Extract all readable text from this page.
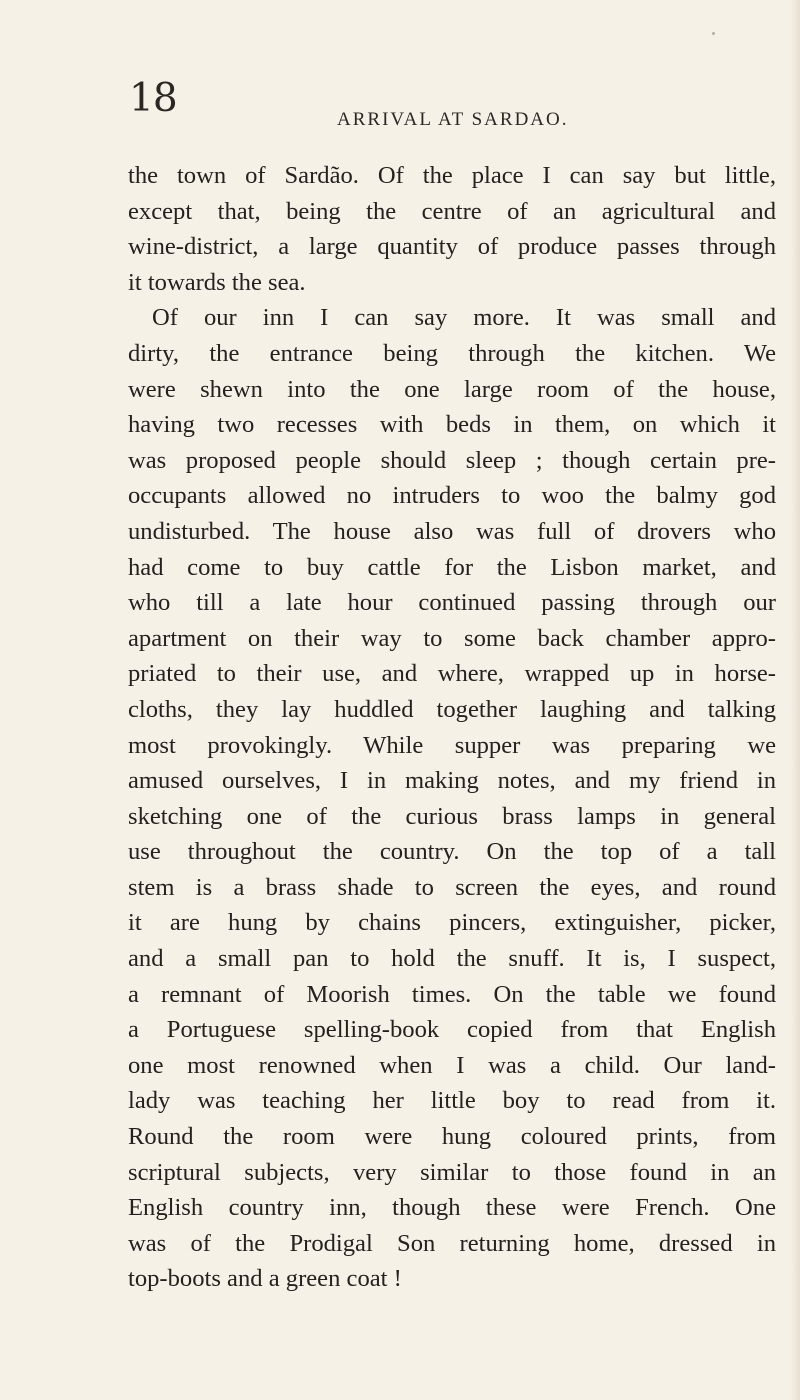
18	ARRIVAL AT SARDAO.
the town of Sardão. Of the place I can say but little,
except that, being the centre of an agricultural and
wine-district, a large quantity of produce passes through
it towards the sea.
Of our inn I can say more. It was small and
dirty, the entrance being through the kitchen. We
were shewn into the one large room of the house,
having two recesses with beds in them, on which it
was proposed people should sleep ; though certain pre-
occupants allowed no intruders to woo the balmy god
undisturbed. The house also was full of drovers who
had come to buy cattle for the Lisbon market, and
who till a late hour continued passing through our
apartment on their way to some back chamber appro-
priated to their use, and where, wrapped up in horse-
cloths, they lay huddled together laughing and talking
most provokingly. While supper was preparing we
amused ourselves, I in making notes, and my friend in
sketching one of the curious brass lamps in general
use throughout the country. On the top of a tall
stem is a brass shade to screen the eyes, and round
it are hung by chains pincers, extinguisher, picker,
and a small pan to hold the snuff. It is, I suspect,
a remnant of Moorish times. On the table we found
a Portuguese spelling-book copied from that English
one most renowned when I was a child. Our land-
lady was teaching her little boy to read from it.
Round the room were hung coloured prints, from
scriptural subjects, very similar to those found in an
English country inn, though these were French. One
was of the Prodigal Son returning home, dressed in
top-boots and a green coat !
